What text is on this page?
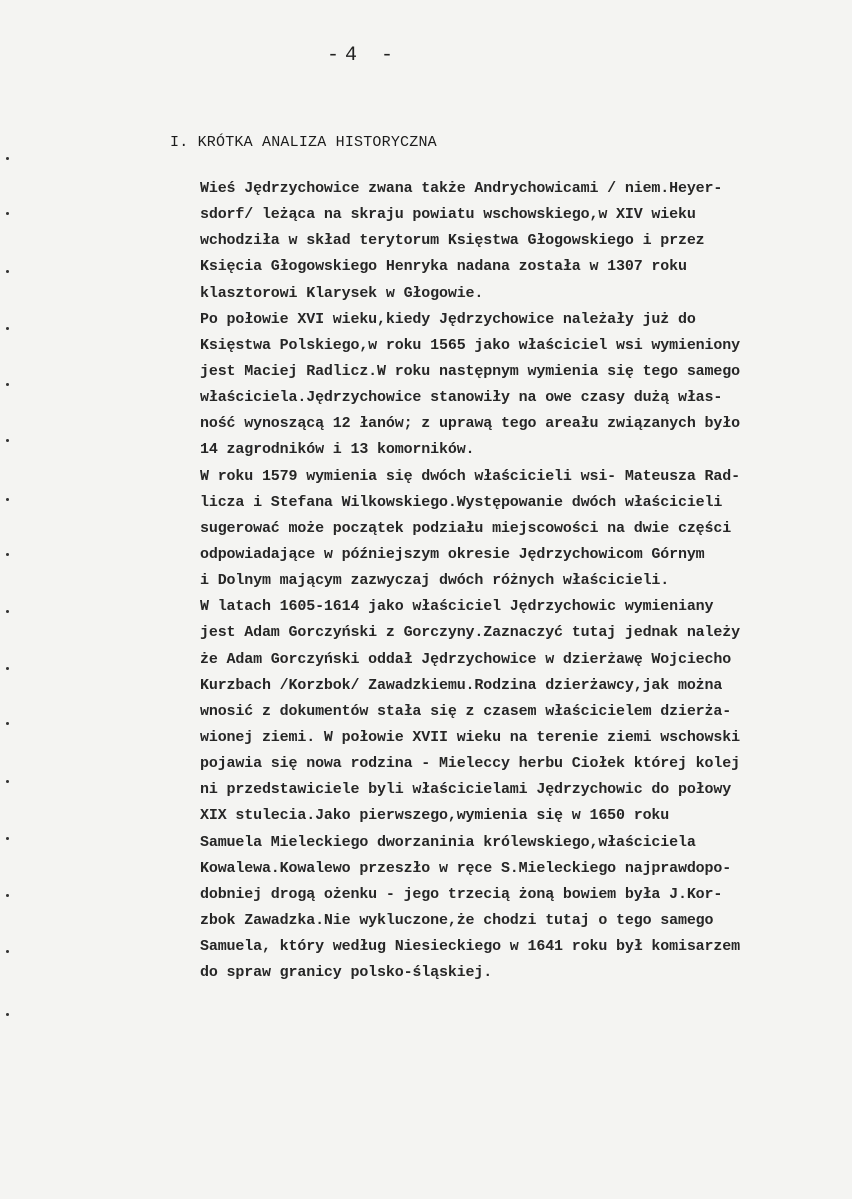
-4 -
I. KRÓTKA ANALIZA HISTORYCZNA
Wieś Jędrzychowice zwana także Andrychowicami / niem.Heyer-
sdorf/ leżąca na skraju powiatu wschowskiego,w XIV wieku
wchodziła w skład terytorum Księstwa Głogowskiego i przez
Księcia Głogowskiego Henryka nadana została w 1307 roku
klasztorowi Klarysek w Głogowie.
Po połowie XVI wieku,kiedy Jędrzychowice należały już do
Księstwa Polskiego,w roku 1565 jako właściciel wsi wymieniony
jest Maciej Radlicz.W roku następnym wymienia się tego samego
właściciela.Jędrzychowice stanowiły na owe czasy dużą włas-
ność wynoszącą 12 łanów; z uprawą tego areału związanych było
14 zagrodników i 13 komorników.
W roku 1579 wymienia się dwóch właścicieli wsi- Mateusza Rad-
licza i Stefana Wilkowskiego.Występowanie dwóch właścicieli
sugerować może początek podziału miejscowości na dwie części
odpowiadające w późniejszym okresie Jędrzychowicom Górnym
i Dolnym mającym zazwyczaj dwóch różnych właścicieli.
W latach 1605-1614 jako właściciel Jędrzychowic wymieniany
jest Adam Gorczyński z Gorczyny.Zaznaczyć tutaj jednak należy
że Adam Gorczyński oddał Jędrzychowice w dzierżawę Wojciecho
Kurzbach /Korzbok/ Zawadzkiemu.Rodzina dzierżawcy,jak można
wnosić z dokumentów stała się z czasem właścicielem dzierża-
wionej ziemi. W połowie XVII wieku na terenie ziemi wschowski
pojawia się nowa rodzina - Mieleccy herbu Ciołek której kolej
ni przedstawiciele byli właścicielami Jędrzychowic do połowy
XIX stulecia.Jako pierwszego,wymienia się w 1650 roku
Samuela Mieleckiego dworzaninia królewskiego,właściciela
Kowalewa.Kowalewo przeszło w ręce S.Mieleckiego najprawdopo-
dobniej drogą ożenku - jego trzecią żoną bowiem była J.Kor-
zbok Zawadzka.Nie wykluczone,że chodzi tutaj o tego samego
Samuela, który według Niesieckiego w 1641 roku był komisarzem
do spraw granicy polsko-śląskiej.
